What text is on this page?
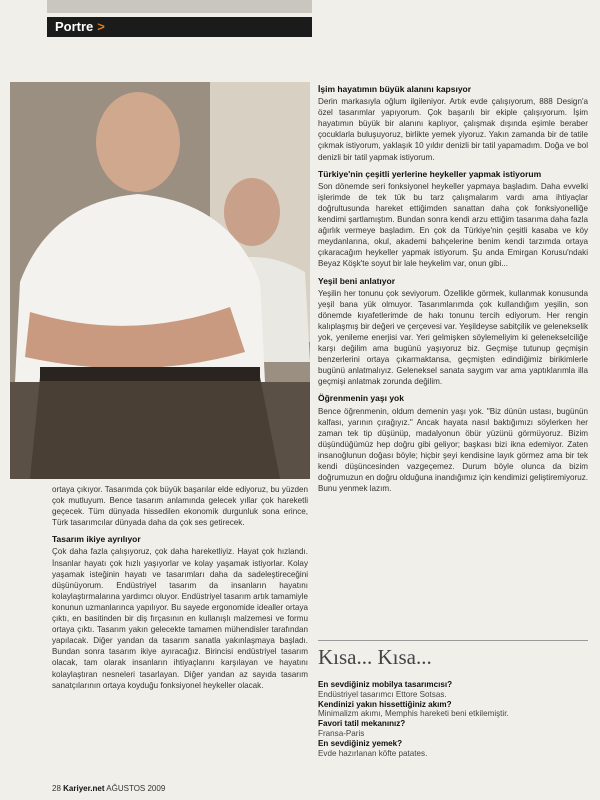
Portre >

ortaya çıkıyor. Tasarımda çok büyük başarılar elde ediyoruz, bu yüzden çok mutluyum. Bence tasarım anlamında gelecek yıllar çok hareketli geçecek. Tüm dünyada hissedilen ekonomik durgunluk sona erince, Türk tasarımcılar dünyada daha da çok ses getirecek.

Tasarım ikiye ayrılıyor

Çok daha fazla çalışıyoruz, çok daha hareketliyiz. Hayat çok hızlandı. İnsanlar hayatı çok hızlı yaşıyorlar ve kolay yaşamak istiyorlar. Kolay yaşamak isteğinin hayatı ve tasarımları daha da sadeleştireceğini düşünüyorum. Endüstriyel tasarım da insanların hayatını kolaylaştırmalarına yardımcı oluyor. Endüstriyel tasarım artık tamamiyle konunun uzmanlarınca yapılıyor. Bu sayede ergonomide idealler ortaya çıktı, en basitinden bir diş fırçasının en kullanışlı malzemesi ve formu ortaya çıktı. Tasarım yakın gelecekte tamamen mühendisler tarafından yapılacak. Diğer yandan da tasarım sanatla yakınlaşmaya başladı. Bundan sonra tasarım ikiye ayıracağız. Birincisi endüstriyel tasarım olacak, tam olarak insanların ihtiyaçlarını karşılayan ve hayatını kolaylaştıran nesneleri tasarlayan. Diğer yandan az sayıda tasarım sanatçılarının ortaya koyduğu fonksiyonel heykeller olacak.

İşim hayatımın büyük alanını kapsıyor

Derin markasıyla oğlum ilgileniyor. Artık evde çalışıyorum, 888 Design'a özel tasarımlar yapıyorum. Çok başarılı bir ekiple çalışıyorum. İşim hayatımın büyük bir alanını kaplıyor, çalışmak dışında eşimle beraber çocuklarla buluşuyoruz, birlikte yemek yiyoruz. Yakın zamanda bir de tatile çıkmak istiyorum, yaklaşık 10 yıldır denizli bir tatil yapamadım. Doğa ve bol denizli bir tatil yapmak istiyorum.

Türkiye'nin çeşitli yerlerine heykeller yapmak istiyorum

Son dönemde seri fonksiyonel heykeller yapmaya başladım. Daha evvelki işlerimde de tek tük bu tarz çalışmalarım vardı ama ihtiyaçlar doğrultusunda hareket ettiğimden sanattan daha çok fonksiyonelliğe kendimi şartlamıştım. Bundan sonra kendi arzu ettiğim tasarıma daha fazla ağırlık vermeye başladım. En çok da Türkiye'nin çeşitli kasaba ve köy meydanlarına, okul, akademi bahçelerine benim kendi tarzımda ortaya çıkaracağım heykeller yapmak istiyorum. Şu anda Emirgan Korusu'ndaki Beyaz Köşk'te soyut bir lale heykelim var, onun gibi...

Yeşil beni anlatıyor

Yeşilin her tonunu çok seviyorum. Özellikle görmek, kullanmak konusunda yeşil bana yük olmuyor. Tasarımlarımda çok kullandığım yeşilin, son dönemde kıyafetlerimde de hakı tonunu tercih ediyorum. Her rengin kalıplaşmış bir değeri ve çerçevesi var. Yeşildeyse sabitçilik ve gelenekselik yok, yenileme enerjisi var. Yeri gelmişken söylemeliyim ki gelenekselciliğe karşı değilim ama bugünü yaşıyoruz biz. Geçmişe tutunup geçmişin benzerlerini ortaya çıkarmaktansa, geçmişten edindiğimiz birikimlerle bugünü anlatmalıyız. Geleneksel sanata saygım var ama yaptıklarımla illa geçmişi anlatmak zorunda değilim.

Öğrenmenin yaşı yok

Bence öğrenmenin, oldum demenin yaşı yok. "Biz dünün ustası, bugünün kalfası, yarının çırağıyız." Ancak hayata nasıl baktığımızı söylerken her zaman tek tip düşünüp, madalyonun öbür yüzünü görmüyoruz. Bizim düşündüğümüz hep doğru gibi geliyor; başkası bizi ikna edemiyor. Zaten insanoğlunun doğası böyle; hiçbir şeyi kendisine layık görmez ama bir tek kendi düşüncesinden vazgeçemez. Durum böyle olunca da bizim doğrumuzun en doğru olduğuna inandığımız için kendimizi geliştiremiyoruz. Bunu yenmek lazım.

Kısa... Kısa...
En sevdiğiniz mobilya tasarımcısı?
Endüstriyel tasarımcı Ettore Sotsas.
Kendinizi yakın hissettiğiniz akım?
Minimalizm akımı, Memphis hareketi beni etkilemiştir.
Favori tatil mekanınız?
Fransa-Paris
En sevdiğiniz yemek?
Evde hazırlanan köfte patates.
28 Kariyer.net AĞUSTOS 2009
